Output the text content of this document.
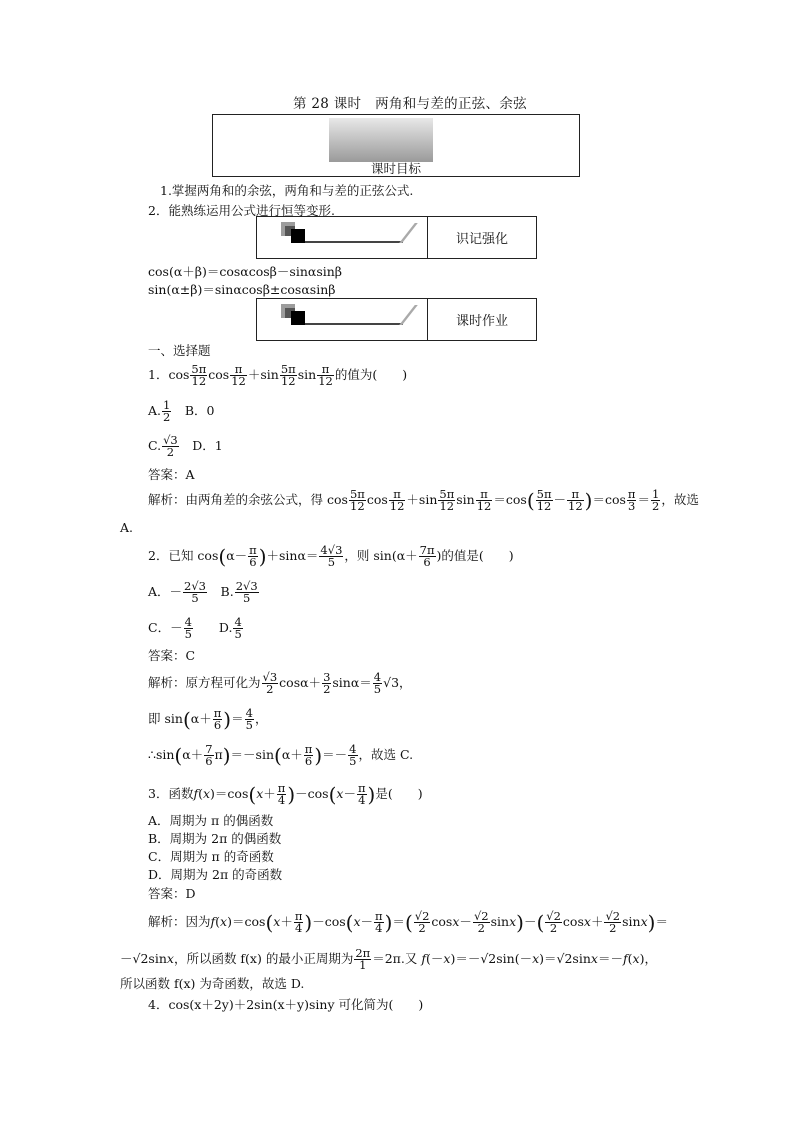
第 28 课时　两角和与差的正弦、余弦
课时目标
1.掌握两角和的余弦，两角和与差的正弦公式.
2．能熟练运用公式进行恒等变形.
识记强化
cos(α＋β)＝cosαcosβ－sinαsinβ
sin(α±β)＝sinαcosβ±cosαsinβ
课时作业
一、选择题
1．$\cos \frac{5\pi}{12}$ $\cos \frac{\pi}{12} +\sin \frac{5\pi}{12}$ $\sin \frac{\pi}{12}$ 的值为(　　)
A. $\frac{1}{2}$ 　B．0
C. $\frac{√3}{2}$ 　D．1
答案：A
解析：由两角差的余弦公式，得 $\cos \frac{5\pi}{12}$ $\cos \frac{\pi}{12} +\sin \frac{5\pi}{12}$ $\sin \frac{\pi}{12} =\cos( \frac{5\pi}{12} - \frac{\pi}{12} )=\cos \frac{\pi}{3} = \frac{1}{2}$ ，故选
A.
2．已知 $\cos(\alpha- \frac{\pi}{6} )+\sin\alpha= \frac{4√3}{5}$ ，则 $\sin(\alpha+ \frac{7\pi}{6}$ )的值是(　　)
A．－ $\frac{2√3}{5}$
　 B. $\frac{2√3}{5}$
C．－ $\frac{4}{5}$
　　 D. $\frac{4}{5}$
答案：C
解析：原方程可化为 $\frac{√3}{2} \cos\alpha+ \frac{3}{2} \sin\alpha= \frac{4}{5} √3$，
即 $\sin(\alpha+ \frac{\pi}{6}$ )＝ $\frac{4}{5}$ ，
∴sin(α＋ $\frac{7}{6} \pi)=-\sin(\alpha+ \frac{\pi}{6}$ )＝－ $\frac{4}{5}$ ，故选 C.
3．函数$f(x)=\cos(x+ \frac{\pi}{4} )-\cos(x- \frac{\pi}{4}$ )是(　　)
A．周期为 π 的偶函数
B．周期为 2π 的偶函数
C．周期为 π 的奇函数
D．周期为 2π 的奇函数
答案：D
解析：因为$f(x)=\cos(x+ \frac{\pi}{4} )-\cos(x- \frac{\pi}{4}$ )＝( $\frac{√2}{2} \cos x- \frac{√2}{2} \sin x)-( \frac{√2}{2} \cos x+ \frac{√2}{2} \sin x)=$
－√2sinx，所以函数 f(x) 的最小正周期为 $\frac{2\pi}{1} =2\pi$.又 f(－x)＝－√2sin(－x)＝√2sinx＝－f(x)，
所以函数 f(x) 为奇函数，故选 D.
4．cos(x＋2y)＋2sin(x＋y)siny 可化简为(　　)
